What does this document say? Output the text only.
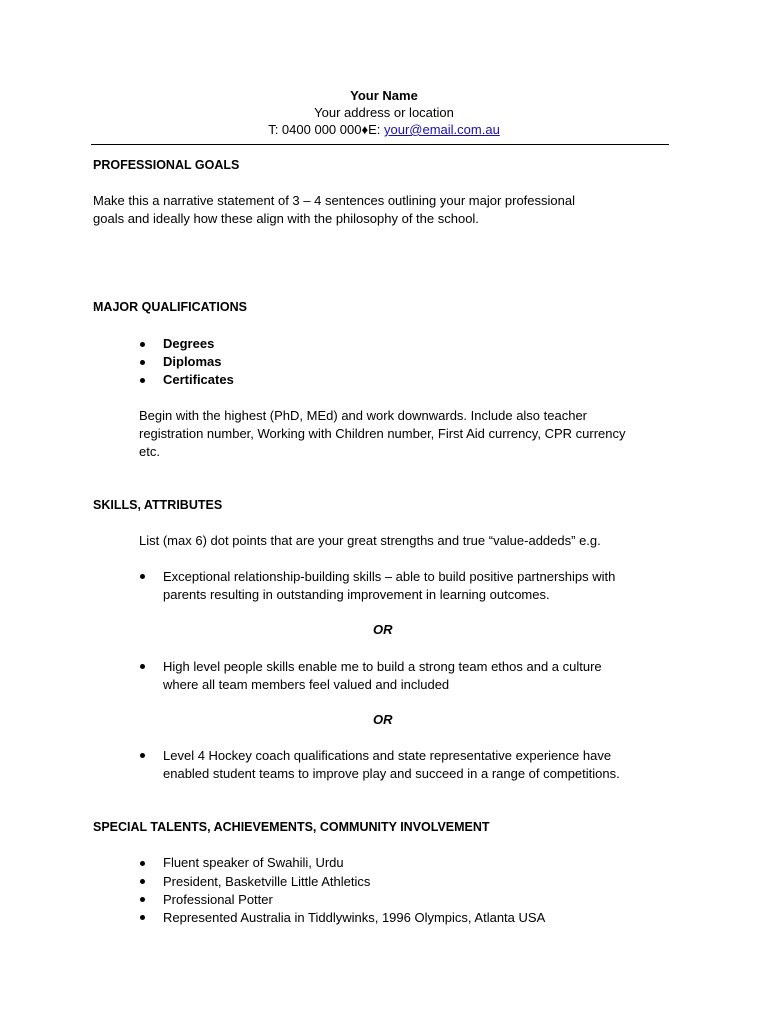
Your Name
Your address or location
T: 0400 000 000♦E: your@email.com.au
PROFESSIONAL GOALS
Make this a narrative statement of 3 – 4 sentences outlining your major professional
goals and ideally how these align with the philosophy of the school.
MAJOR QUALIFICATIONS
Degrees
Diplomas
Certificates
Begin with the highest (PhD, MEd) and work downwards. Include also teacher
registration number, Working with Children number, First Aid currency, CPR currency
etc.
SKILLS, ATTRIBUTES
List (max 6) dot points that are your great strengths and true “value-addeds” e.g.
Exceptional relationship-building skills – able to build positive partnerships with
parents resulting in outstanding improvement in learning outcomes.
OR
High level people skills enable me to build a strong team ethos and a culture
where all team members feel valued and included
OR
Level 4 Hockey coach qualifications and state representative experience have
enabled student teams to improve play and succeed in a range of competitions.
SPECIAL TALENTS, ACHIEVEMENTS, COMMUNITY INVOLVEMENT
Fluent speaker of Swahili, Urdu
President, Basketville Little Athletics
Professional Potter
Represented Australia in Tiddlywinks, 1996 Olympics, Atlanta USA
